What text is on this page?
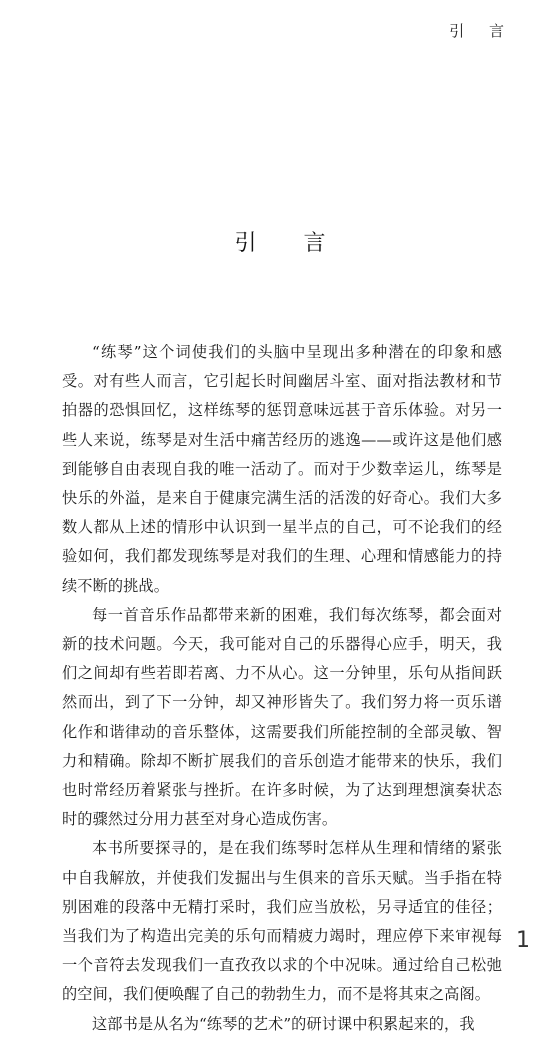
引 言
引 言

“练琴”这个词使我们的头脑中呈现出多种潜在的印象和感受。对有些人而言，它引起长时间幽居斗室、面对指法教材和节拍器的恐惧回忆，这样练琴的惩罚意味远甚于音乐体验。对另一些人来说，练琴是对生活中痛苦经历的逃逸——或许这是他们感到能够自由表现自我的唯一活动了。而对于少数幸运儿，练琴是快乐的外溢，是来自于健康完满生活的活泼的好奇心。我们大多数人都从上述的情形中认识到一星半点的自己，可不论我们的经验如何，我们都发现练琴是对我们的生理、心理和情感能力的持续不断的挑战。

每一首音乐作品都带来新的困难，我们每次练琴，都会面对新的技术问题。今天，我可能对自己的乐器得心应手，明天，我们之间却有些若即若离、力不从心。这一分钟里，乐句从指间跃然而出，到了下一分钟，却又神形皆失了。我们努力将一页乐谱化作和谐律动的音乐整体，这需要我们所能控制的全部灵敏、智力和精确。除却不断扩展我们的音乐创造才能带来的快乐，我们也时常经历着紧张与挫折。在许多时候，为了达到理想演奏状态时的骤然过分用力甚至对身心造成伤害。

本书所要探寻的，是在我们练琴时怎样从生理和情绪的紧张中自我解放，并使我们发掘出与生俱来的音乐天赋。当手指在特别困难的段落中无精打采时，我们应当放松，另寻适宜的佳径；当我们为了构造出完美的乐句而精疲力竭时，理应停下来审视每一个音符去发现我们一直孜孜以求的个中况味。通过给自己松弛的空间，我们便唤醒了自己的勃勃生力，而不是将其束之高阁。

这部书是从名为“练琴的艺术”的研讨课中积累起来的，我

1
